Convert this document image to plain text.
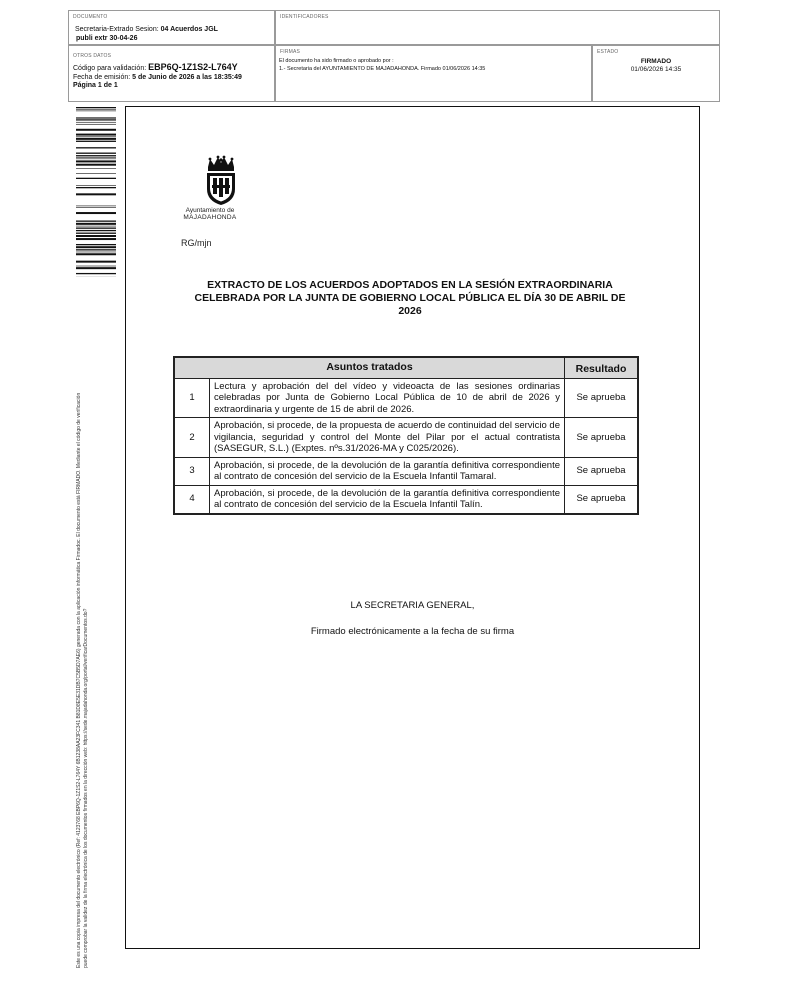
DOCUMENTO
Secretaria-Extrado Sesion: 04 Acuerdos JGL
publi extr 30-04-26
IDENTIFICADORES
OTROS DATOS
Código para validación: EBP6Q-1Z1S2-L764Y
Fecha de emisión: 5 de Junio de 2026 a las 18:35:49
Página 1 de 1
FIRMAS
El documento ha sido firmado o aprobado por :
1.- Secretaria del AYUNTAMIENTO DE MAJADAHONDA. Firmado 01/06/2026 14:35
ESTADO
FIRMADO
01/06/2026 14:35
Este es una copia impresa del documento electrónico (Ref: 4123768 EBP6Q-1Z1S2-L764Y 6B1238AA23FC341 B81D8E5E31DB7C5B5D7AE6) generada con la aplicación informática Firmadoc. El documento está FIRMADO. Mediante el código de verificación puede comprobar la validez de la firma electrónica de los documentos firmados en la dirección web: https://sede.majadahonda.org/portal/verificarDocumentos.do?
Ayuntamiento de
MAJADAHONDA
RG/mjn
EXTRACTO DE LOS ACUERDOS ADOPTADOS EN LA SESIÓN EXTRAORDINARIA CELEBRADA POR LA JUNTA DE GOBIERNO LOCAL PÚBLICA EL DÍA 30 DE ABRIL DE 2026
Asuntos tratados		Resultado
1	Lectura y aprobación del del vídeo y videoacta de las sesiones ordinarias celebradas por Junta de Gobierno Local Pública de 10 de abril de 2026 y extraordinaria y urgente de 15 de abril de 2026.	Se aprueba
2	Aprobación, si procede, de la propuesta de acuerdo de continuidad del servicio de vigilancia, seguridad y control del Monte del Pilar por el actual contratista (SASEGUR, S.L.) (Exptes. nºs.31/2026-MA y C025/2026).	Se aprueba
3	Aprobación, si procede, de la devolución de la garantía definitiva correspondiente al contrato de concesión del servicio de la Escuela Infantil Tamaral.	Se aprueba
4	Aprobación, si procede, de la devolución de la garantía definitiva correspondiente al contrato de concesión del servicio de la Escuela Infantil Talín.	Se aprueba
LA SECRETARIA GENERAL,
Firmado electrónicamente a la fecha de su firma
